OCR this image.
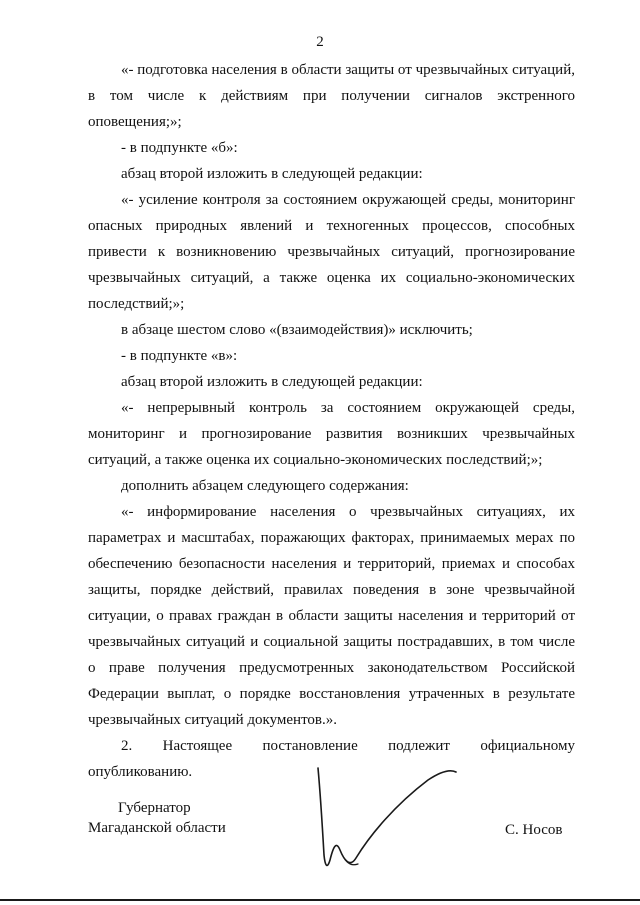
2

«- подготовка населения в области защиты от чрезвычайных ситуаций, в том числе к действиям при получении сигналов экстренного оповещения;»;

- в подпункте «б»:

абзац второй изложить в следующей редакции:

«- усиление контроля за состоянием окружающей среды, мониторинг опасных природных явлений и техногенных процессов, способных привести к возникновению чрезвычайных ситуаций, прогнозирование чрезвычайных ситуаций, а также оценка их социально-экономических последствий;»;

в абзаце шестом слово «(взаимодействия)» исключить;

- в подпункте «в»:

абзац второй изложить в следующей редакции:

«- непрерывный контроль за состоянием окружающей среды, мониторинг и прогнозирование развития возникших чрезвычайных ситуаций, а также оценка их социально-экономических последствий;»;

дополнить абзацем следующего содержания:

«- информирование населения о чрезвычайных ситуациях, их параметрах и масштабах, поражающих факторах, принимаемых мерах по обеспечению безопасности населения и территорий, приемах и способах защиты, порядке действий, правилах поведения в зоне чрезвычайной ситуации, о правах граждан в области защиты населения и территорий от чрезвычайных ситуаций и социальной защиты пострадавших, в том числе о праве получения предусмотренных законодательством Российской Федерации выплат, о порядке восстановления утраченных в результате чрезвычайных ситуаций документов.».

2. Настоящее постановление подлежит официальному опубликованию.

Губернатор
Магаданской области	С. Носов
